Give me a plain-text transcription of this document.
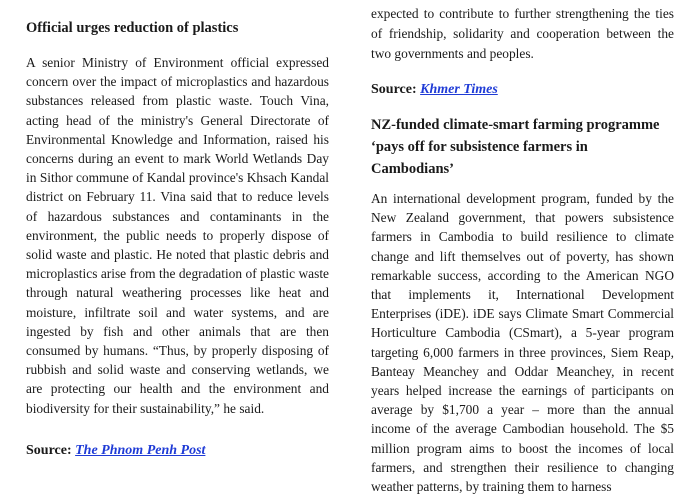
Official urges reduction of plastics

A senior Ministry of Environment official expressed concern over the impact of microplastics and hazardous substances released from plastic waste. Touch Vina, acting head of the ministry's General Directorate of Environmental Knowledge and Information, raised his concerns during an event to mark World Wetlands Day in Sithor commune of Kandal province's Khsach Kandal district on February 11. Vina said that to reduce levels of hazardous substances and contaminants in the environment, the public needs to properly dispose of solid waste and plastic. He noted that plastic debris and microplastics arise from the degradation of plastic waste through natural weathering processes like heat and moisture, infiltrate soil and water systems, and are ingested by fish and other animals that are then consumed by humans. “Thus, by properly disposing of rubbish and solid waste and conserving wetlands, we are protecting our health and the environment and biodiversity for their sustainability,” he said.

Source: The Phnom Penh Post

expected to contribute to further strengthening the ties of friendship, solidarity and cooperation between the two governments and peoples.

Source: Khmer Times
NZ-funded climate-smart farming programme ‘pays off for subsistence farmers in Cambodians’

An international development program, funded by the New Zealand government, that powers subsistence farmers in Cambodia to build resilience to climate change and lift themselves out of poverty, has shown remarkable success, according to the American NGO that implements it, International Development Enterprises (iDE). iDE says Climate Smart Commercial Horticulture Cambodia (CSmart), a 5-year program targeting 6,000 farmers in three provinces, Siem Reap, Banteay Meanchey and Oddar Meanchey, in recent years helped increase the earnings of participants on average by $1,700 a year – more than the annual income of the average Cambodian household. The $5 million program aims to boost the incomes of local farmers, and strengthen their resilience to changing weather patterns, by training them to harness
